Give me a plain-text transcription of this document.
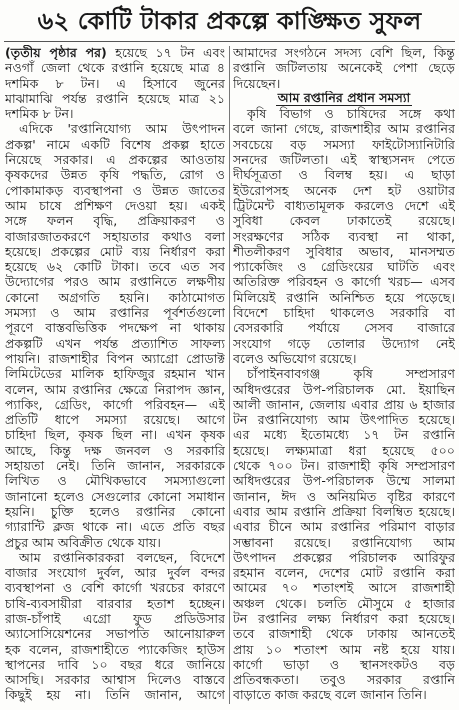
৬২ কোটি টাকার প্রকল্পে কাঙ্ক্ষিত সুফল
(তৃতীয় পৃষ্ঠার পর) হয়েছে ১৭ টন এবং
নওগাঁ জেলা থেকে রপ্তানি হয়েছে মাত্র ৪
দশমিক ৮ টন। এ হিসাবে জুনের
মাঝামাঝি পর্যন্ত রপ্তানি হয়েছে মাত্র ২১
দশমিক ৮ টন।
এদিকে 'রপ্তানিযোগ্য আম উৎপাদন
প্রকল্প' নামে একটি বিশেষ প্রকল্প হাতে
নিয়েছে সরকার। এ প্রকল্পের আওতায়
কৃষকদের উন্নত কৃষি পদ্ধতি, রোগ ও
পোকামাকড় ব্যবস্থাপনা ও উন্নত জাতের
আম চাষে প্রশিক্ষণ দেওয়া হয়। একই
সঙ্গে ফলন বৃদ্ধি, প্রক্রিয়াকরণ ও
বাজারজাতকরণে সহায়তার কথাও বলা
হয়েছে। প্রকল্পের মোট ব্যয় নির্ধারণ করা
হয়েছে ৬২ কোটি টাকা। তবে এত সব
উদ্যোগের পরও আম রপ্তানিতে লক্ষণীয়
কোনো অগ্রগতি হয়নি। কাঠামোগত
সমস্যা ও আম রপ্তানির পূর্বশর্তগুলো
পূরণে বাস্তবভিত্তিক পদক্ষেপ না থাকায়
প্রকল্পটি এখন পর্যন্ত প্রত্যাশিত সাফল্য
পায়নি। রাজশাহীর বিপন অ্যাগ্রো প্রোডাক্ট
লিমিটেডের মালিক হাফিজুর রহমান খান
বলেন, আম রপ্তানির ক্ষেত্রে নিরাপদ জ্ঞান,
প্যাকিং, গ্রেডিং, কার্গো পরিবহন— এই
প্রতিটি ধাপে সমস্যা রয়েছে। আগে
চাহিদা ছিল, কৃষক ছিল না। এখন কৃষক
আছে, কিন্তু দক্ষ জনবল ও সরকারি
সহায়তা নেই। তিনি জানান, সরকারকে
লিখিত ও মৌখিকভাবে সমস্যাগুলো
জানানো হলেও সেগুলোর কোনো সমাধান
হয়নি। চুক্তি হলেও রপ্তানির কোনো
গ্যারান্টি ক্লজ থাকে না। এতে প্রতি বছর
প্রচুর আম অবিক্রীত থেকে যায়।
আম রপ্তানিকারকরা বলছেন, বিদেশে
বাজার সংযোগ দুর্বল, আর দুর্বল বন্দর
ব্যবস্থাপনা ও বেশি কার্গো খরচের কারণে
চাষি-ব্যবসায়ীরা বারবার হতাশ হচ্ছেন।
রাজ-চাঁপাই এগ্রো ফুড প্রডিউসার
অ্যাসোসিয়েশনের সভাপতি আনোয়ারুল
হক বলেন, রাজশাহীতে প্যাকেজিং হাউস
স্থাপনের দাবি ১০ বছর ধরে জানিয়ে
আসছি। সরকার আশ্বাস দিলেও বাস্তবে
কিছুই হয় না। তিনি জানান, আগে
আমাদের সংগঠনে সদস্য বেশি ছিল, কিন্তু
রপ্তানি জটিলতায় অনেকেই পেশা ছেড়ে
দিয়েছেন।
আম রপ্তানির প্রধান সমস্যা
কৃষি বিভাগ ও চাষিদের সঙ্গে কথা
বলে জানা গেছে, রাজশাহীর আম রপ্তানির
সবচেয়ে বড় সমস্যা ফাইটোস্যানিটারি
সনদের জটিলতা। এই স্বাস্থ্যসনদ পেতে
দীর্ঘসূত্রতা ও বিলম্ব হয়। এ ছাড়া
ইউরোপসহ অনেক দেশ হট ওয়াটার
ট্রিটমেন্ট বাধ্যতামূলক করলেও দেশে এই
সুবিধা কেবল ঢাকাতেই রয়েছে।
সংরক্ষণের সঠিক ব্যবস্থা না থাকা,
শীতলীকরণ সুবিধার অভাব, মানসম্মত
প্যাকেজিং ও গ্রেডিংয়ের ঘাটতি এবং
অতিরিক্ত পরিবহন ও কার্গো খরচ— এসব
মিলিয়েই রপ্তানি অনিশ্চিত হয়ে পড়েছে।
বিদেশে চাহিদা থাকলেও সরকারি বা
বেসরকারি পর্যায়ে সেসব বাজারে
সংযোগ গড়ে তোলার উদ্যোগ নেই
বলেও অভিযোগ রয়েছে।
চাঁপাইনবাবগঞ্জ কৃষি সম্প্রসারণ
অধিদপ্তরের উপ-পরিচালক মো. ইয়াছিন
আলী জানান, জেলায় এবার প্রায় ৬ হাজার
টন রপ্তানিযোগ্য আম উৎপাদিত হয়েছে।
এর মধ্যে ইতোমধ্যে ১৭ টন রপ্তানি
হয়েছে। লক্ষ্যমাত্রা ধরা হয়েছে ৫০০
থেকে ৭০০ টন। রাজশাহী কৃষি সম্প্রসারণ
অধিদপ্তরের উপ-পরিচালক উম্মে সালমা
জানান, ঈদ ও অনিয়মিত বৃষ্টির কারণে
এবার আম রপ্তানি প্রক্রিয়া বিলম্বিত হয়েছে।
এবার চীনে আম রপ্তানির পরিমাণ বাড়ার
সম্ভাবনা রয়েছে। রপ্তানিযোগ্য আম
উৎপাদন প্রকল্পের পরিচালক আরিফুর
রহমান বলেন, দেশের মোট রপ্তানি করা
আমের ৭০ শতাংশই আসে রাজশাহী
অঞ্চল থেকে। চলতি মৌসুমে ৫ হাজার
টন রপ্তানির লক্ষ্য নির্ধারণ করা হয়েছে।
তবে রাজশাহী থেকে ঢাকায় আনতেই
প্রায় ১০ শতাংশ আম নষ্ট হয়ে যায়।
কার্গো ভাড়া ও স্থানসংকটও বড়
প্রতিবন্ধকতা। তবুও সরকার রপ্তানি
বাড়াতে কাজ করছে বলে জানান তিনি।
